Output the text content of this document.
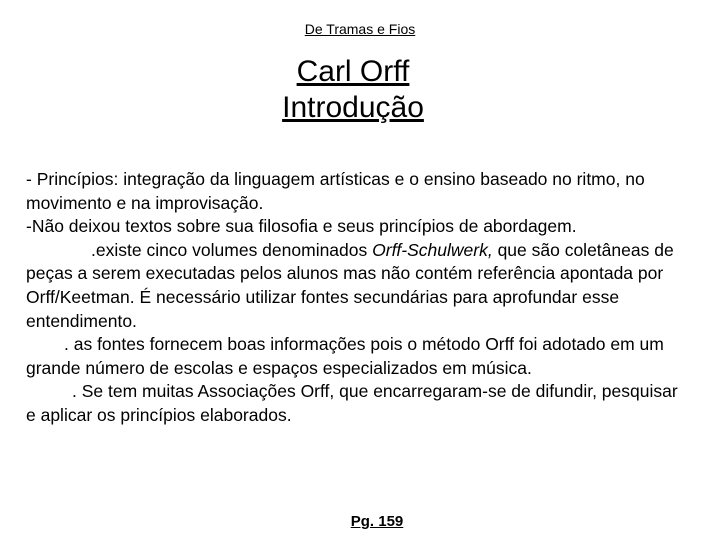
De Tramas e Fios
Carl Orff
Introdução

- Princípios: integração da linguagem artísticas e o ensino baseado no ritmo, no movimento e na improvisação.

-Não deixou textos sobre sua filosofia e seus princípios de abordagem.

.existe cinco volumes denominados Orff-Schulwerk, que são coletâneas de peças a serem executadas pelos alunos mas não contém referência apontada por Orff/Keetman. É necessário utilizar fontes secundárias para aprofundar esse entendimento.

. as fontes fornecem boas informações pois o método Orff foi adotado em um grande número de escolas e espaços especializados em música.

. Se tem muitas Associações Orff, que encarregaram-se de difundir, pesquisar e aplicar os princípios elaborados.

Pg. 159
